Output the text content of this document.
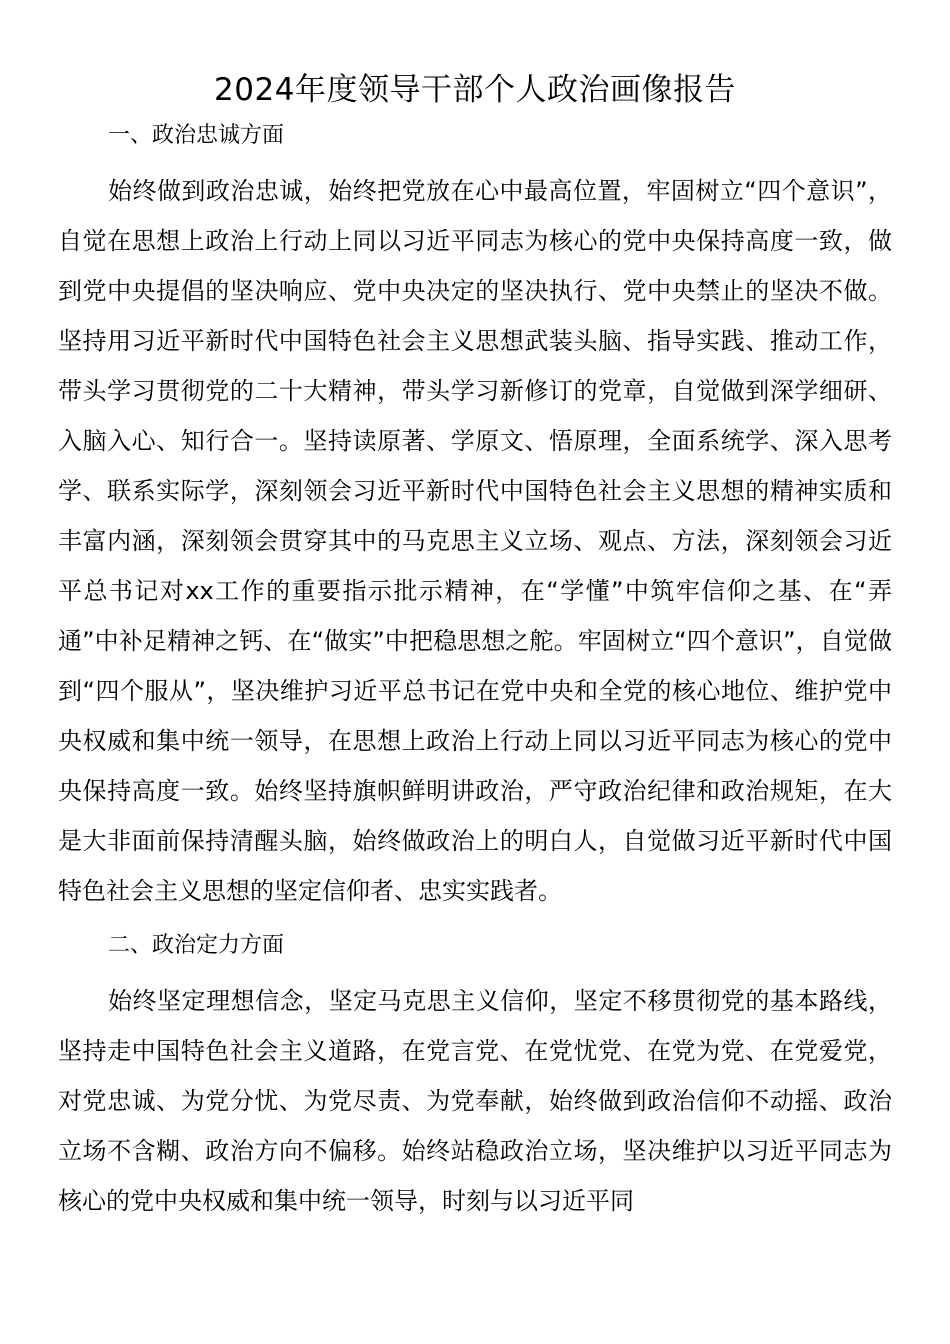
2024年度领导干部个人政治画像报告
一、政治忠诚方面

始终做到政治忠诚，始终把党放在心中最高位置，牢固树立“四个意识”，自觉在思想上政治上行动上同以习近平同志为核心的党中央保持高度一致，做到党中央提倡的坚决响应、党中央决定的坚决执行、党中央禁止的坚决不做。坚持用习近平新时代中国特色社会主义思想武装头脑、指导实践、推动工作，带头学习贯彻党的二十大精神，带头学习新修订的党章，自觉做到深学细研、入脑入心、知行合一。坚持读原著、学原文、悟原理，全面系统学、深入思考学、联系实际学，深刻领会习近平新时代中国特色社会主义思想的精神实质和丰富内涵，深刻领会贯穿其中的马克思主义立场、观点、方法，深刻领会习近平总书记对xx工作的重要指示批示精神，在“学懂”中筑牢信仰之基、在“弄通”中补足精神之钙、在“做实”中把稳思想之舵。牢固树立“四个意识”，自觉做到“四个服从”，坚决维护习近平总书记在党中央和全党的核心地位、维护党中央权威和集中统一领导，在思想上政治上行动上同以习近平同志为核心的党中央保持高度一致。始终坚持旗帜鲜明讲政治，严守政治纪律和政治规矩，在大是大非面前保持清醒头脑，始终做政治上的明白人，自觉做习近平新时代中国特色社会主义思想的坚定信仰者、忠实实践者。

二、政治定力方面

始终坚定理想信念，坚定马克思主义信仰，坚定不移贯彻党的基本路线，坚持走中国特色社会主义道路，在党言党、在党忧党、在党为党、在党爱党，对党忠诚、为党分忧、为党尽责、为党奉献，始终做到政治信仰不动摇、政治立场不含糊、政治方向不偏移。始终站稳政治立场，坚决维护以习近平同志为核心的党中央权威和集中统一领导，时刻与以习近平同
